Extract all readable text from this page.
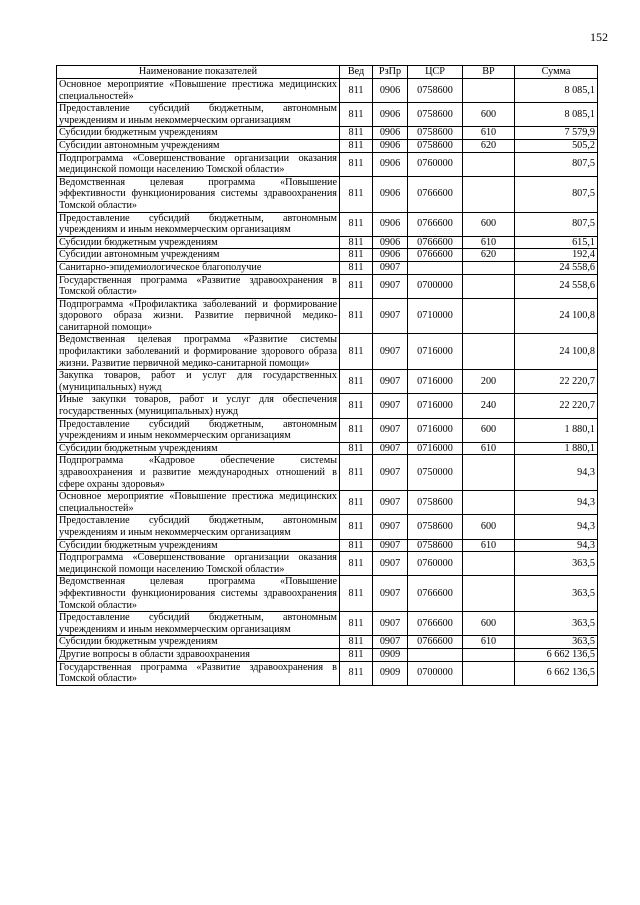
152
Наименование показателей	Вед	РзПр	ЦСР	ВР	Сумма
Основное мероприятие «Повышение престижа медицинских специальностей»	811	0906	0758600		8 085,1
Предоставление субсидий бюджетным, автономным учреждениям и иным некоммерческим организациям	811	0906	0758600	600	8 085,1
Субсидии бюджетным учреждениям	811	0906	0758600	610	7 579,9
Субсидии автономным учреждениям	811	0906	0758600	620	505,2
Подпрограмма «Совершенствование организации оказания медицинской помощи населению Томской области»	811	0906	0760000		807,5
Ведомственная целевая программа «Повышение эффективности функционирования системы здравоохранения Томской области»	811	0906	0766600		807,5
Предоставление субсидий бюджетным, автономным учреждениям и иным некоммерческим организациям	811	0906	0766600	600	807,5
Субсидии бюджетным учреждениям	811	0906	0766600	610	615,1
Субсидии автономным учреждениям	811	0906	0766600	620	192,4
Санитарно-эпидемиологическое благополучие	811	0907			24 558,6
Государственная программа «Развитие здравоохранения в Томской области»	811	0907	0700000		24 558,6
Подпрограмма «Профилактика заболеваний и формирование здорового образа жизни. Развитие первичной медико-санитарной помощи»	811	0907	0710000		24 100,8
Ведомственная целевая программа «Развитие системы профилактики заболеваний и формирование здорового образа жизни. Развитие первичной медико-санитарной помощи»	811	0907	0716000		24 100,8
Закупка товаров, работ и услуг для государственных (муниципальных) нужд	811	0907	0716000	200	22 220,7
Иные закупки товаров, работ и услуг для обеспечения государственных (муниципальных) нужд	811	0907	0716000	240	22 220,7
Предоставление субсидий бюджетным, автономным учреждениям и иным некоммерческим организациям	811	0907	0716000	600	1 880,1
Субсидии бюджетным учреждениям	811	0907	0716000	610	1 880,1
Подпрограмма «Кадровое обеспечение системы здравоохранения и развитие международных отношений в сфере охраны здоровья»	811	0907	0750000		94,3
Основное мероприятие «Повышение престижа медицинских специальностей»	811	0907	0758600		94,3
Предоставление субсидий бюджетным, автономным учреждениям и иным некоммерческим организациям	811	0907	0758600	600	94,3
Субсидии бюджетным учреждениям	811	0907	0758600	610	94,3
Подпрограмма «Совершенствование организации оказания медицинской помощи населению Томской области»	811	0907	0760000		363,5
Ведомственная целевая программа «Повышение эффективности функционирования системы здравоохранения Томской области»	811	0907	0766600		363,5
Предоставление субсидий бюджетным, автономным учреждениям и иным некоммерческим организациям	811	0907	0766600	600	363,5
Субсидии бюджетным учреждениям	811	0907	0766600	610	363,5
Другие вопросы в области здравоохранения	811	0909			6 662 136,5
Государственная программа «Развитие здравоохранения в Томской области»	811	0909	0700000		6 662 136,5
